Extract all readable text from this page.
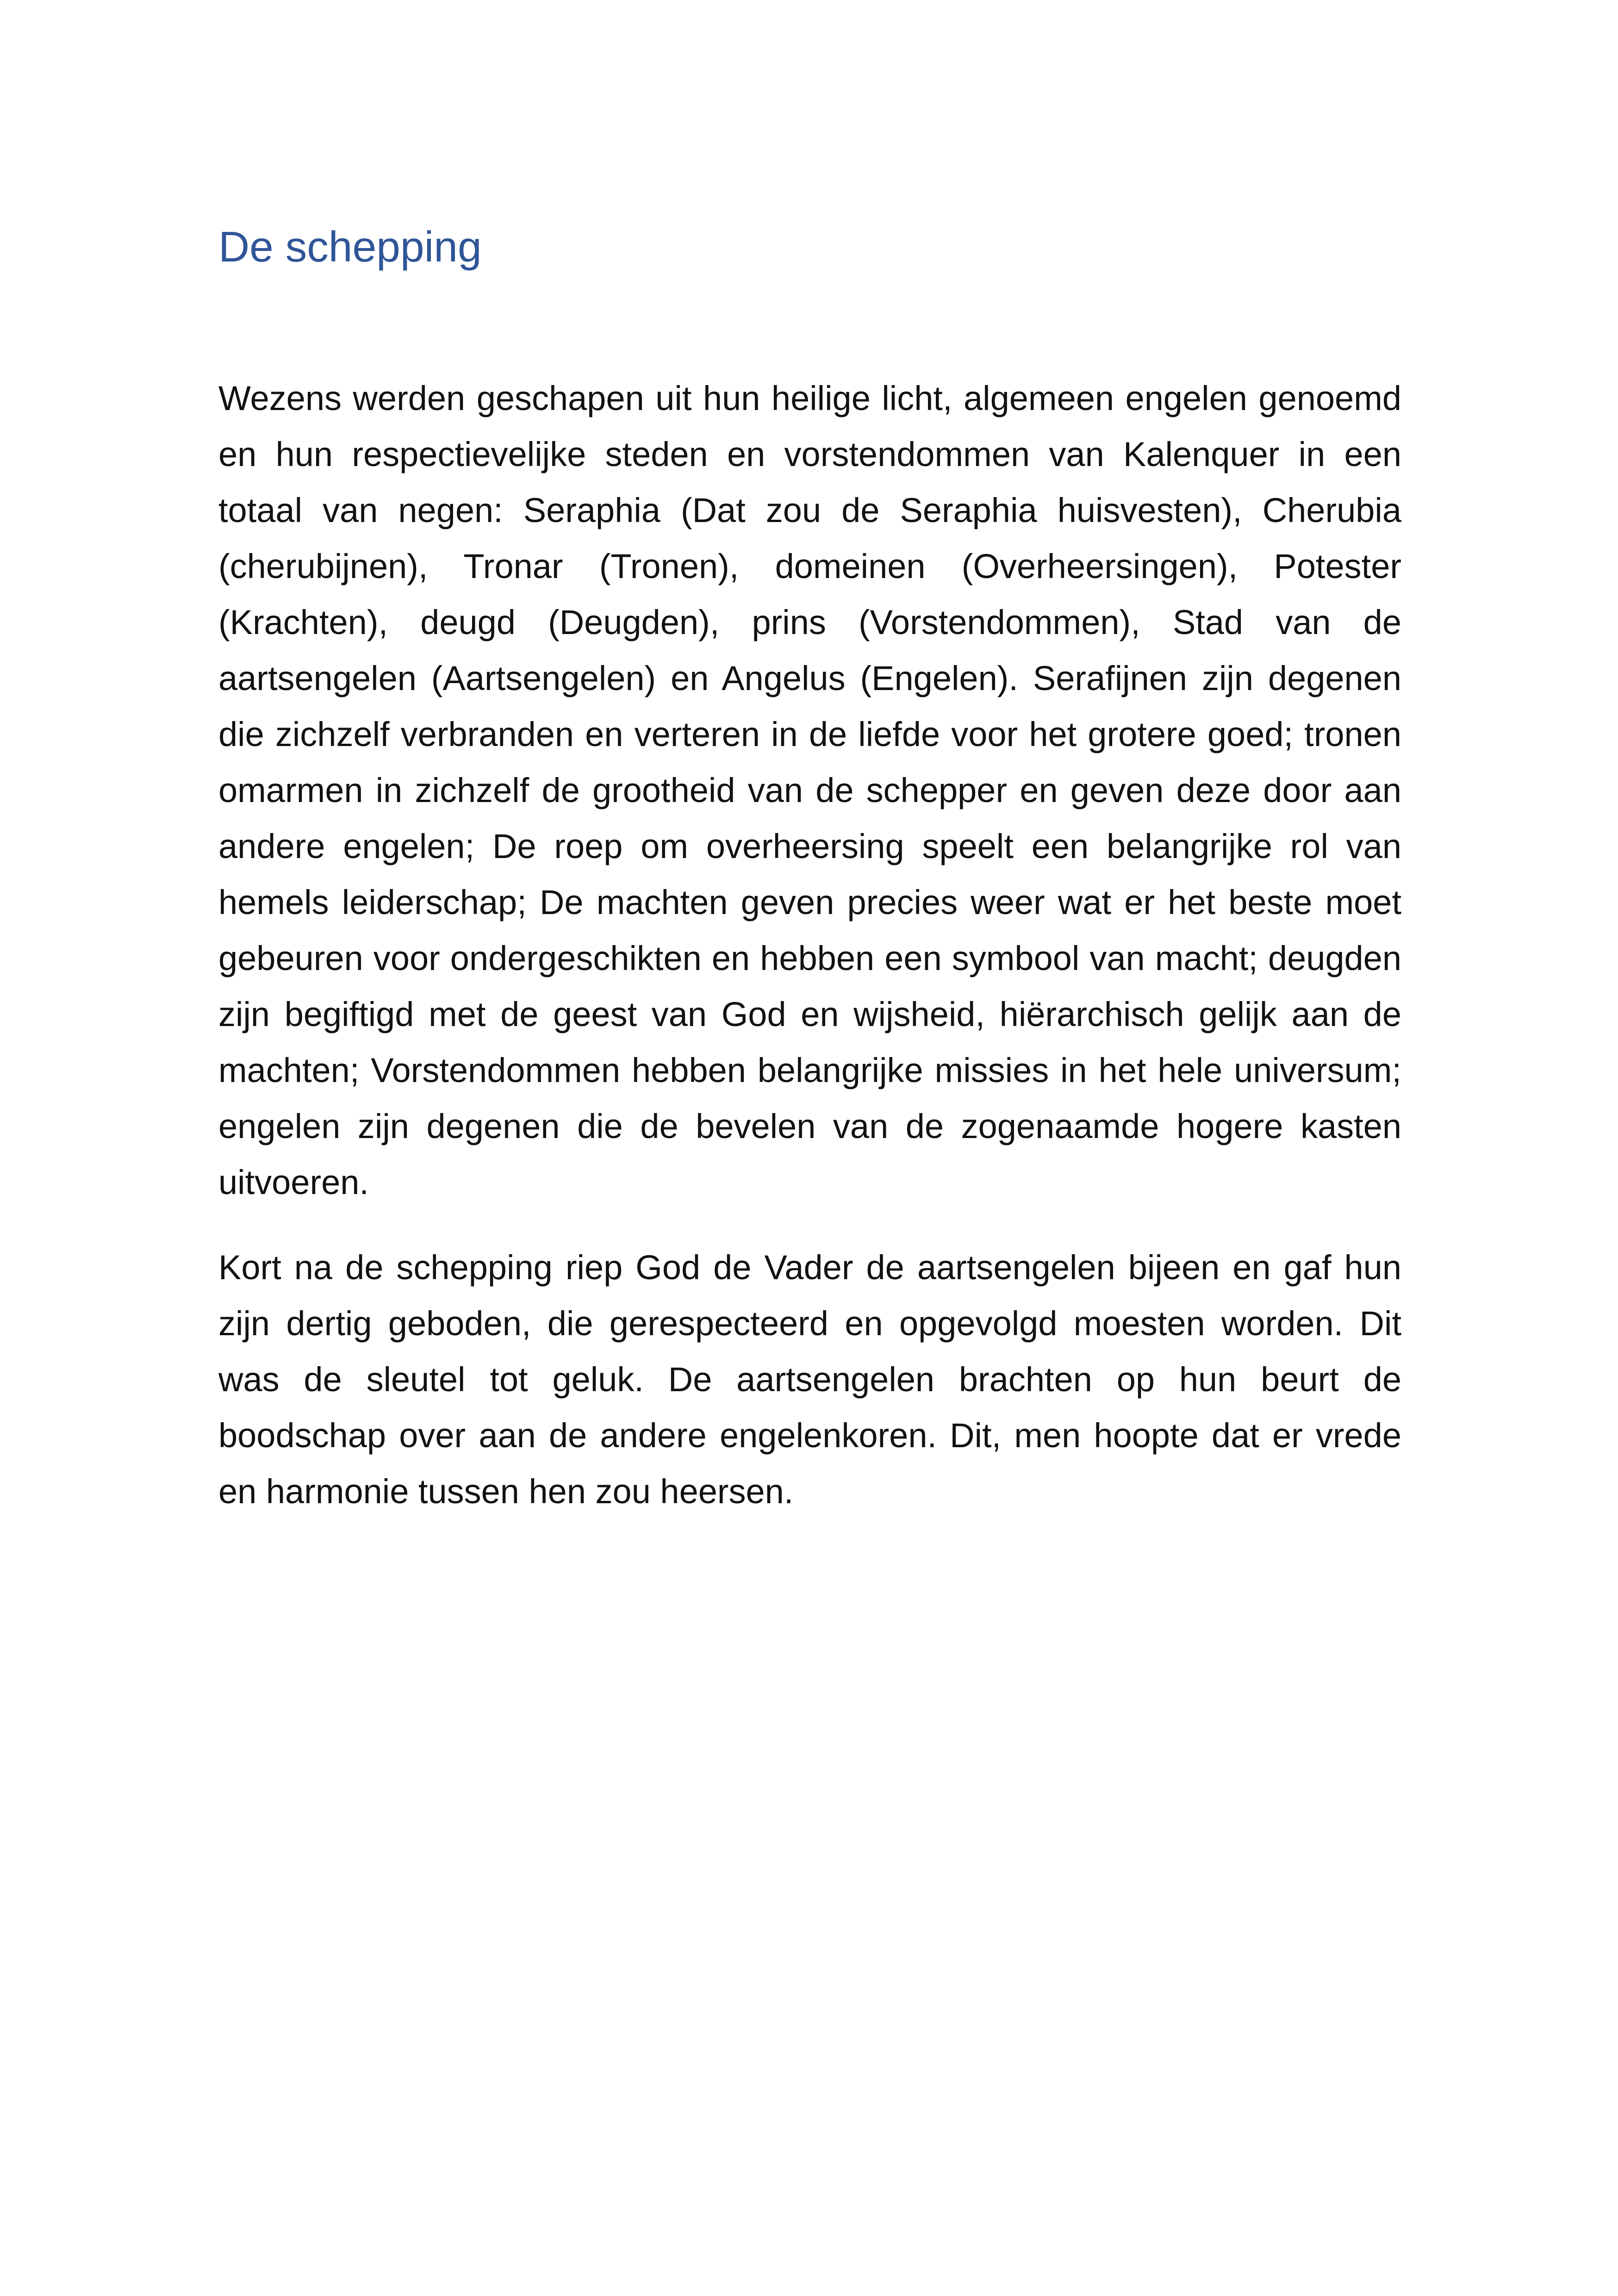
De schepping

Wezens werden geschapen uit hun heilige licht, algemeen engelen genoemd en hun respectievelijke steden en vorstendommen van Kalenquer in een totaal van negen: Seraphia (Dat zou de Seraphia huisvesten), Cherubia (cherubijnen), Tronar (Tronen), domeinen (Overheersingen), Potester (Krachten), deugd (Deugden), prins (Vorstendommen), Stad van de aartsengelen (Aartsengelen) en Angelus (Engelen). Serafijnen zijn degenen die zichzelf verbranden en verteren in de liefde voor het grotere goed; tronen omarmen in zichzelf de grootheid van de schepper en geven deze door aan andere engelen; De roep om overheersing speelt een belangrijke rol van hemels leiderschap; De machten geven precies weer wat er het beste moet gebeuren voor ondergeschikten en hebben een symbool van macht; deugden zijn begiftigd met de geest van God en wijsheid, hiërarchisch gelijk aan de machten; Vorstendommen hebben belangrijke missies in het hele universum; engelen zijn degenen die de bevelen van de zogenaamde hogere kasten uitvoeren.

Kort na de schepping riep God de Vader de aartsengelen bijeen en gaf hun zijn dertig geboden, die gerespecteerd en opgevolgd moesten worden. Dit was de sleutel tot geluk. De aartsengelen brachten op hun beurt de boodschap over aan de andere engelenkoren. Dit, men hoopte dat er vrede en harmonie tussen hen zou heersen.
